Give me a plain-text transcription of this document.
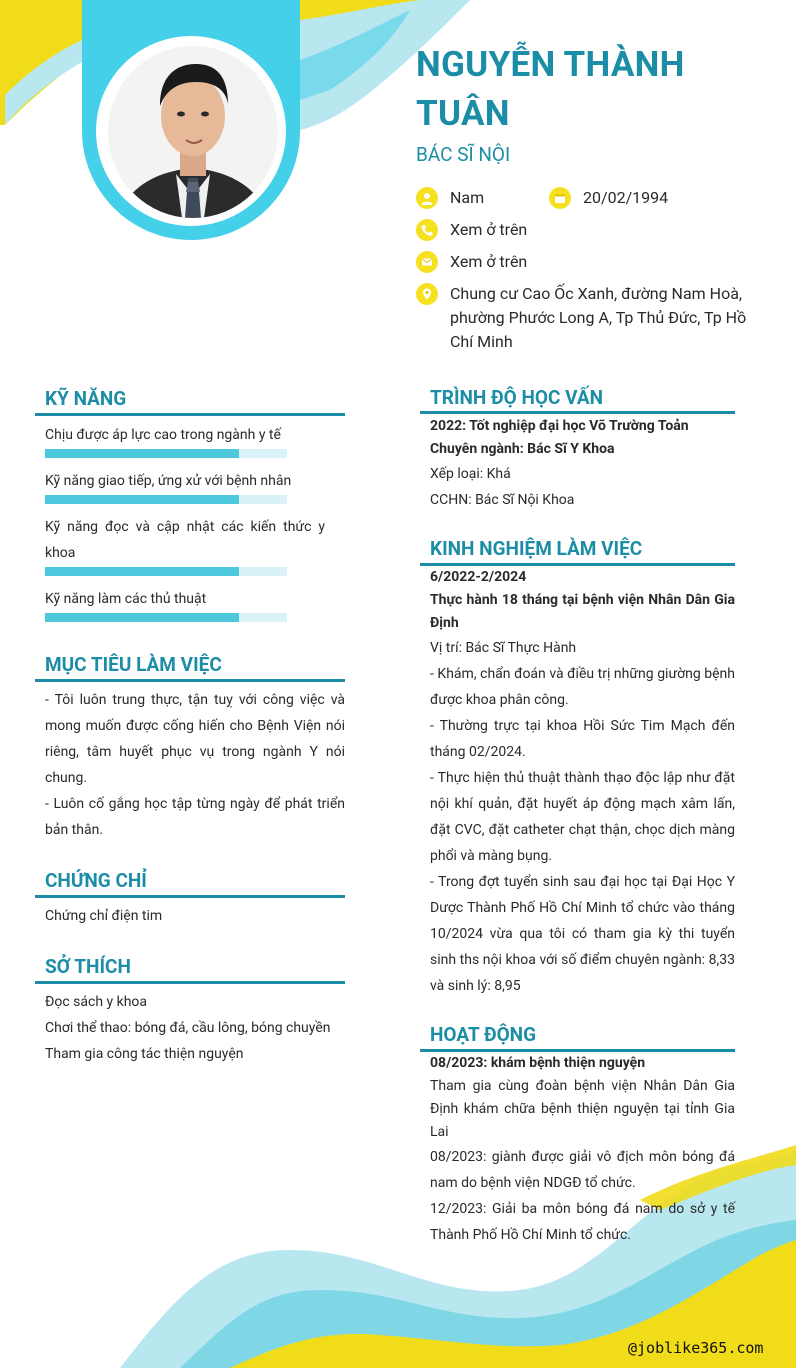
NGUYỄN THÀNH TUÂN
BÁC SĨ NỘI
Nam	20/02/1994
Xem ở trên
Xem ở trên
Chung cư Cao Ốc Xanh, đường Nam Hoà, phường Phước Long A, Tp Thủ Đức, Tp Hồ Chí Minh
KỸ NĂNG
Chịu được áp lực cao trong ngành y tế
Kỹ năng giao tiếp, ứng xử với bệnh nhân
Kỹ năng đọc và cập nhật các kiến thức y khoa
Kỹ năng làm các thủ thuật
MỤC TIÊU LÀM VIỆC
- Tôi luôn trung thực, tận tuỵ với công việc và mong muốn được cống hiến cho Bệnh Viện nói riêng, tâm huyết phục vụ trong ngành Y nói chung.
- Luôn cố gắng học tập từng ngày để phát triển bản thân.
CHỨNG CHỈ
Chứng chỉ điện tim
SỞ THÍCH
Đọc sách y khoa
Chơi thể thao: bóng đá, cầu lông, bóng chuyền
Tham gia công tác thiện nguyện
TRÌNH ĐỘ HỌC VẤN
2022: Tốt nghiệp đại học Võ Trường Toản
Chuyên ngành: Bác Sĩ Y Khoa
Xếp loại: Khá
CCHN: Bác Sĩ Nội Khoa
KINH NGHIỆM LÀM VIỆC
6/2022-2/2024
Thực hành 18 tháng tại bệnh viện Nhân Dân Gia Định
Vị trí: Bác Sĩ Thực Hành
- Khám, chẩn đoán và điều trị những giường bệnh được khoa phân công.
- Thường trực tại khoa Hồi Sức Tim Mạch đến tháng 02/2024.
- Thực hiện thủ thuật thành thạo độc lập như đặt nội khí quản, đặt huyết áp động mạch xâm lấn, đặt CVC, đặt catheter chạt thận, chọc dịch màng phổi và màng bụng.
- Trong đợt tuyển sinh sau đại học tại Đại Học Y Dược Thành Phố Hồ Chí Minh tổ chức vào tháng 10/2024 vừa qua tôi có tham gia kỳ thi tuyển sinh ths nội khoa với số điểm chuyên ngành: 8,33 và sinh lý: 8,95
HOẠT ĐỘNG
08/2023: khám bệnh thiện nguyện
Tham gia cùng đoàn bệnh viện Nhân Dân Gia Định khám chữa bệnh thiện nguyện tại tỉnh Gia Lai
08/2023: giành được giải vô địch môn bóng đá nam do bệnh viện NDGĐ tổ chức.
12/2023: Giải ba môn bóng đá nam do sở y tế Thành Phố Hồ Chí Minh tổ chức.
@joblike365.com
